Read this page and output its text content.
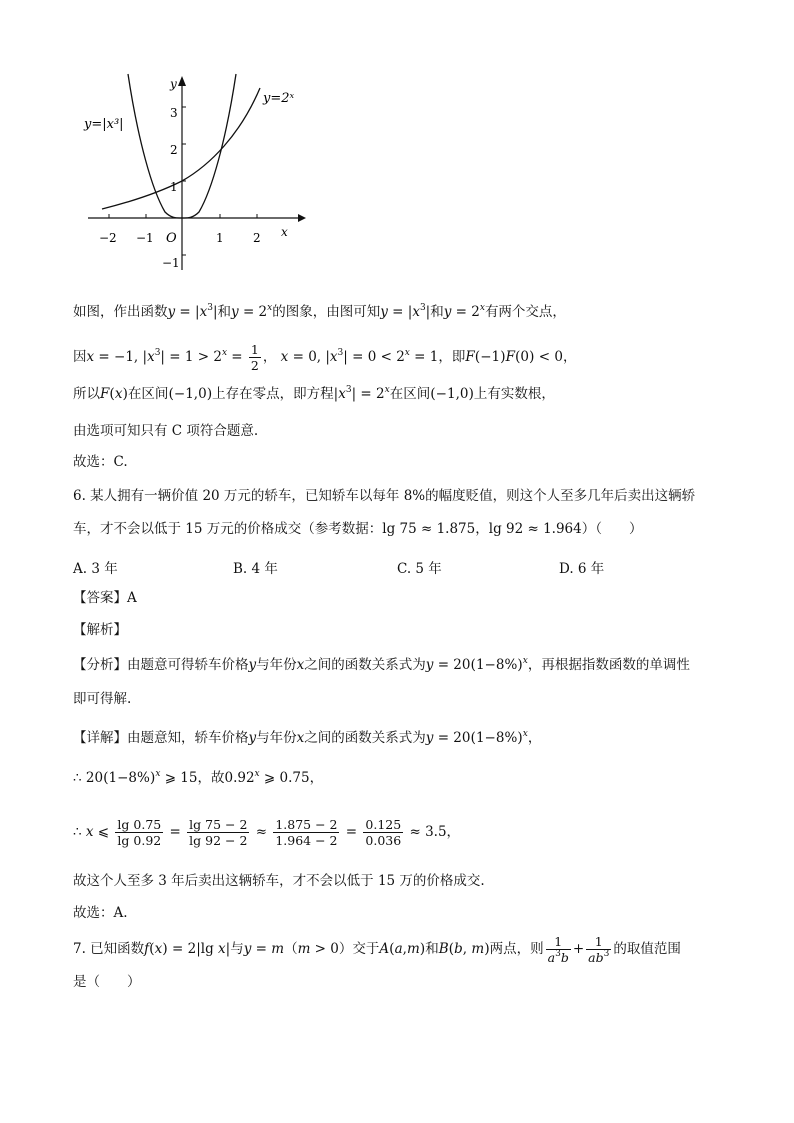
y=|x³|
y=2ˣ
y
x
O
−2 −1	1 2
3
2
1
−1
如图，作出函数$y = |x^3|$和$y = 2^x$的图象，由图可知$y = |x^3|$和$y = 2^x$有两个交点，
因x = −1, $|x^3| = 1 > 2^x = \frac{1}{2}$ ， x = 0, $|x^3| = 0 < 2^x = 1$，即F(−1)F(0) < 0，
所以F(x)在区间(−1,0)上存在零点，即方程$|x^3| = 2^x$在区间(−1,0)上有实数根，
由选项可知只有 C 项符合题意.
故选：C.
6. 某人拥有一辆价值 20 万元的轿车，已知轿车以每年 8%的幅度贬值，则这个人至多几年后卖出这辆轿
车，才不会以低于 15 万元的价格成交（参考数据：lg 75 ≈ 1.875，lg 92 ≈ 1.964）（　　）
A. 3 年	B. 4 年	C. 5 年	D. 6 年
【答案】A
【解析】
【分析】由题意可得轿车价格y与年份x之间的函数关系式为$y = 20(1-8\%)^x$，再根据指数函数的单调性
即可得解.
【详解】由题意知，轿车价格y与年份x之间的函数关系式为$y = 20(1-8\%)^x$，
∴ $20(1-8\%)^x$ ⩾ 15，故0.92$^x$ ⩾ 0.75，
∴ x ⩽ $\frac{\lg 0.75}{\lg 0.92} = \frac{\lg 75 - 2}{\lg 92 - 2} \approx \frac{1.875 - 2}{1.964 - 2} = \frac{0.125}{0.036} \approx 3.5$，
故这个人至多 3 年后卖出这辆轿车，才不会以低于 15 万的价格成交.
故选：A.
7. 已知函数f(x) = 2|lg x|与y = m（m > 0）交于A(a,m)和B(b, m)两点，则 $\frac{1}{a^3b} + \frac{1}{ab^3}$ 的取值范围
是（　　）
